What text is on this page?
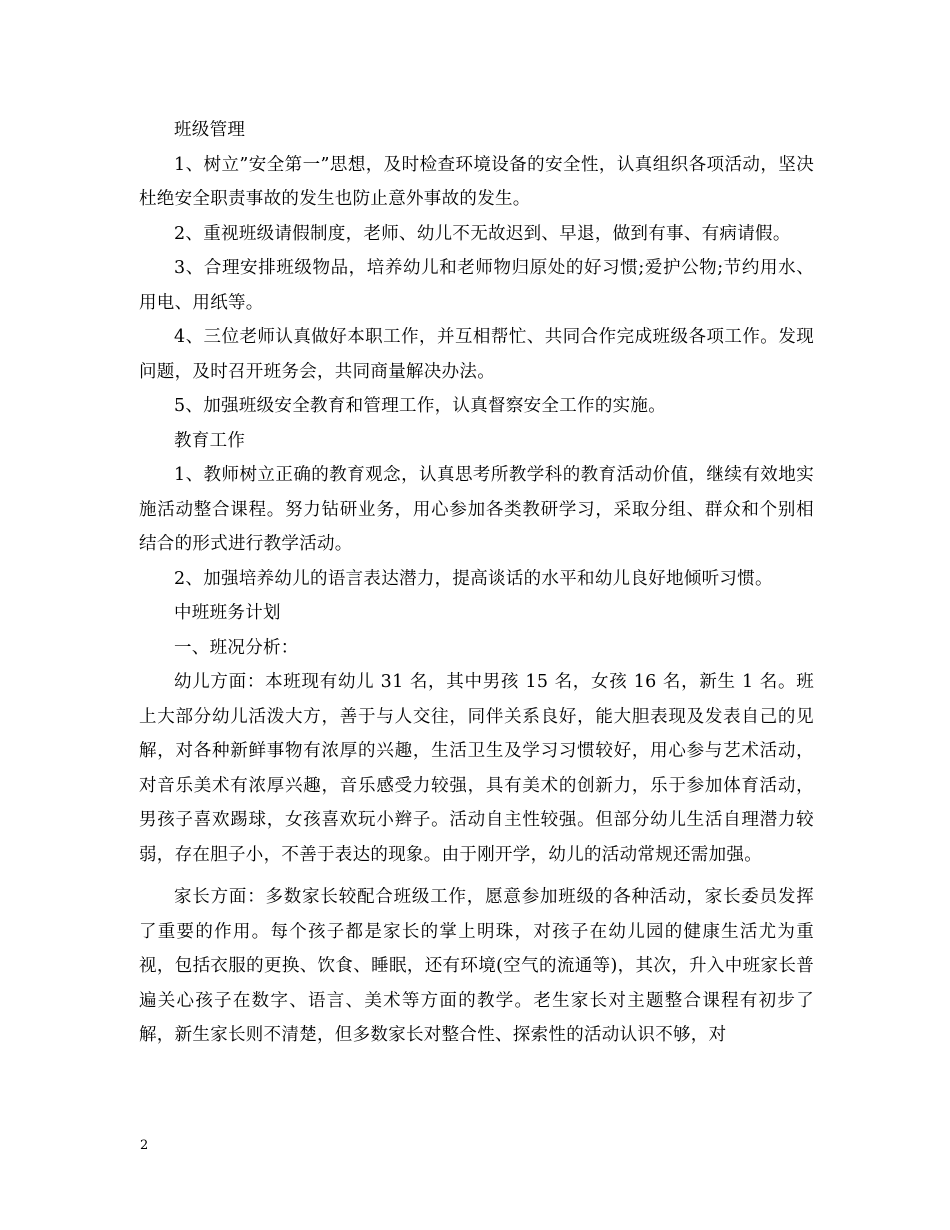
班级管理

1、树立”安全第一”思想，及时检查环境设备的安全性，认真组织各项活动，坚决杜绝安全职责事故的发生也防止意外事故的发生。

2、重视班级请假制度，老师、幼儿不无故迟到、早退，做到有事、有病请假。

3、合理安排班级物品，培养幼儿和老师物归原处的好习惯;爱护公物;节约用水、用电、用纸等。

4、三位老师认真做好本职工作，并互相帮忙、共同合作完成班级各项工作。发现问题，及时召开班务会，共同商量解决办法。

5、加强班级安全教育和管理工作，认真督察安全工作的实施。

教育工作

1、教师树立正确的教育观念，认真思考所教学科的教育活动价值，继续有效地实施活动整合课程。努力钻研业务，用心参加各类教研学习，采取分组、群众和个别相结合的形式进行教学活动。

2、加强培养幼儿的语言表达潜力，提高谈话的水平和幼儿良好地倾听习惯。

中班班务计划

一、班况分析：

幼儿方面：本班现有幼儿 31 名，其中男孩 15 名，女孩 16 名，新生 1 名。班上大部分幼儿活泼大方，善于与人交往，同伴关系良好，能大胆表现及发表自己的见解，对各种新鲜事物有浓厚的兴趣，生活卫生及学习习惯较好，用心参与艺术活动，对音乐美术有浓厚兴趣，音乐感受力较强，具有美术的创新力，乐于参加体育活动，男孩子喜欢踢球，女孩喜欢玩小辫子。活动自主性较强。但部分幼儿生活自理潜力较弱，存在胆子小，不善于表达的现象。由于刚开学，幼儿的活动常规还需加强。

家长方面：多数家长较配合班级工作，愿意参加班级的各种活动，家长委员发挥了重要的作用。每个孩子都是家长的掌上明珠，对孩子在幼儿园的健康生活尤为重视，包括衣服的更换、饮食、睡眠，还有环境(空气的流通等)，其次，升入中班家长普遍关心孩子在数字、语言、美术等方面的教学。老生家长对主题整合课程有初步了解，新生家长则不清楚，但多数家长对整合性、探索性的活动认识不够，对

2
